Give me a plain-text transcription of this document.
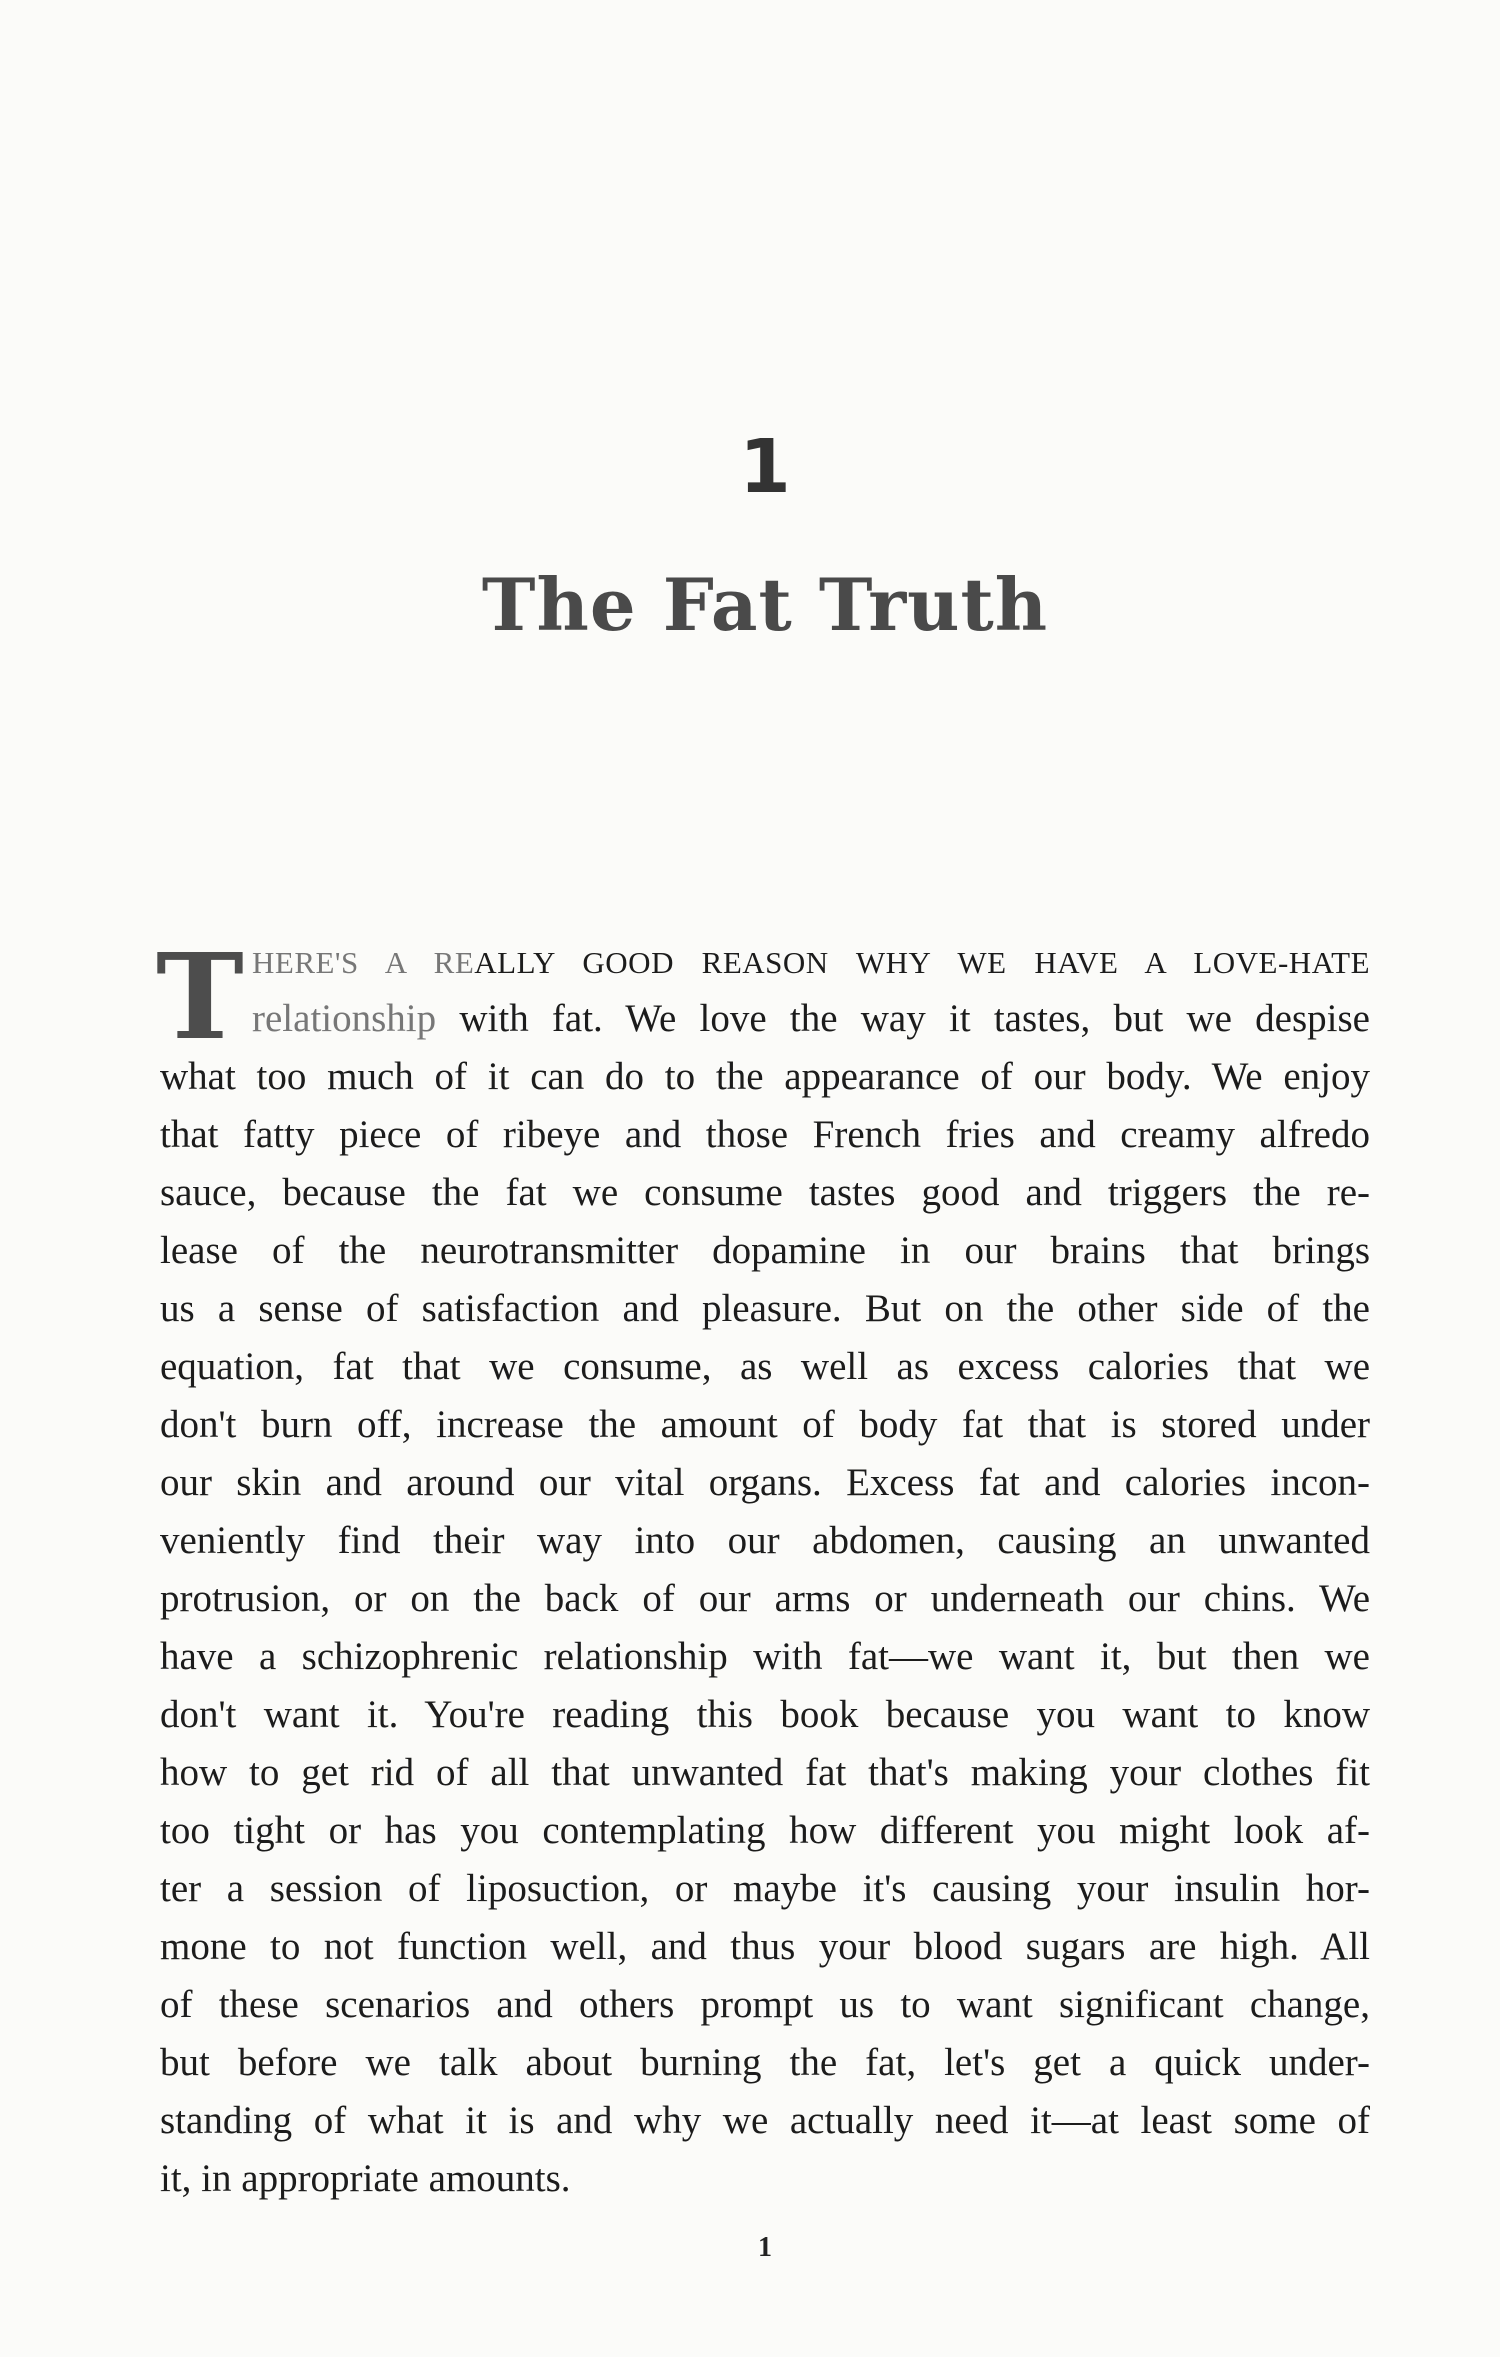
1
The Fat Truth
T HERE'S A REALLY GOOD REASON WHY WE HAVE A LOVE-HATE
relationship with fat. We love the way it tastes, but we despise
what too much of it can do to the appearance of our body. We enjoy
that fatty piece of ribeye and those French fries and creamy alfredo
sauce, because the fat we consume tastes good and triggers the re-
lease of the neurotransmitter dopamine in our brains that brings
us a sense of satisfaction and pleasure. But on the other side of the
equation, fat that we consume, as well as excess calories that we
don't burn off, increase the amount of body fat that is stored under
our skin and around our vital organs. Excess fat and calories incon-
veniently find their way into our abdomen, causing an unwanted
protrusion, or on the back of our arms or underneath our chins. We
have a schizophrenic relationship with fat—we want it, but then we
don't want it. You're reading this book because you want to know
how to get rid of all that unwanted fat that's making your clothes fit
too tight or has you contemplating how different you might look af-
ter a session of liposuction, or maybe it's causing your insulin hor-
mone to not function well, and thus your blood sugars are high. All
of these scenarios and others prompt us to want significant change,
but before we talk about burning the fat, let's get a quick under-
standing of what it is and why we actually need it—at least some of
it, in appropriate amounts.
1
